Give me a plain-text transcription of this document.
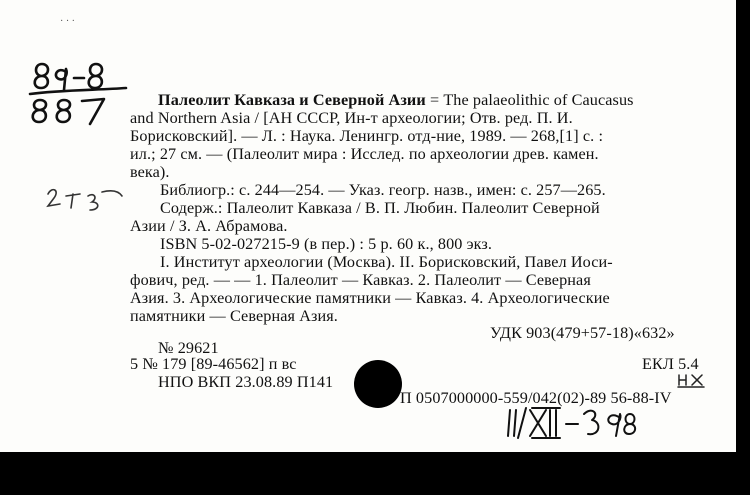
· · ·
Палеолит Кавказа и Северной Азии = The palaeolithic of Caucasus
and Northern Asia / [АН СССР, Ин-т археологии; Отв. ред. П. И.
Борисковский]. — Л. : Наука. Ленингр. отд-ние, 1989. — 268,[1] с. :
ил.; 27 см. — (Палеолит мира : Исслед. по археологии древ. камен.
века).
Библиогр.: с. 244—254. — Указ. геогр. назв., имен: с. 257—265.
Содерж.: Палеолит Кавказа / В. П. Любин. Палеолит Северной
Азии / З. А. Абрамова.
ISBN 5-02-027215-9 (в пер.) : 5 р. 60 к., 800 экз.
I. Институт археологии (Москва). II. Борисковский, Павел Иоси-
фович, ред. — — 1. Палеолит — Кавказ. 2. Палеолит — Северная
Азия. 3. Археологические памятники — Кавказ. 4. Археологические
памятники — Северная Азия.
УДК 903(479+57-18)«632»
№ 29621
5 № 179 [89-46562] п вс	ЕКЛ 5.4
НПО ВКП 23.08.89 П141
П 0507000000-559/042(02)-89 56-88-IV
